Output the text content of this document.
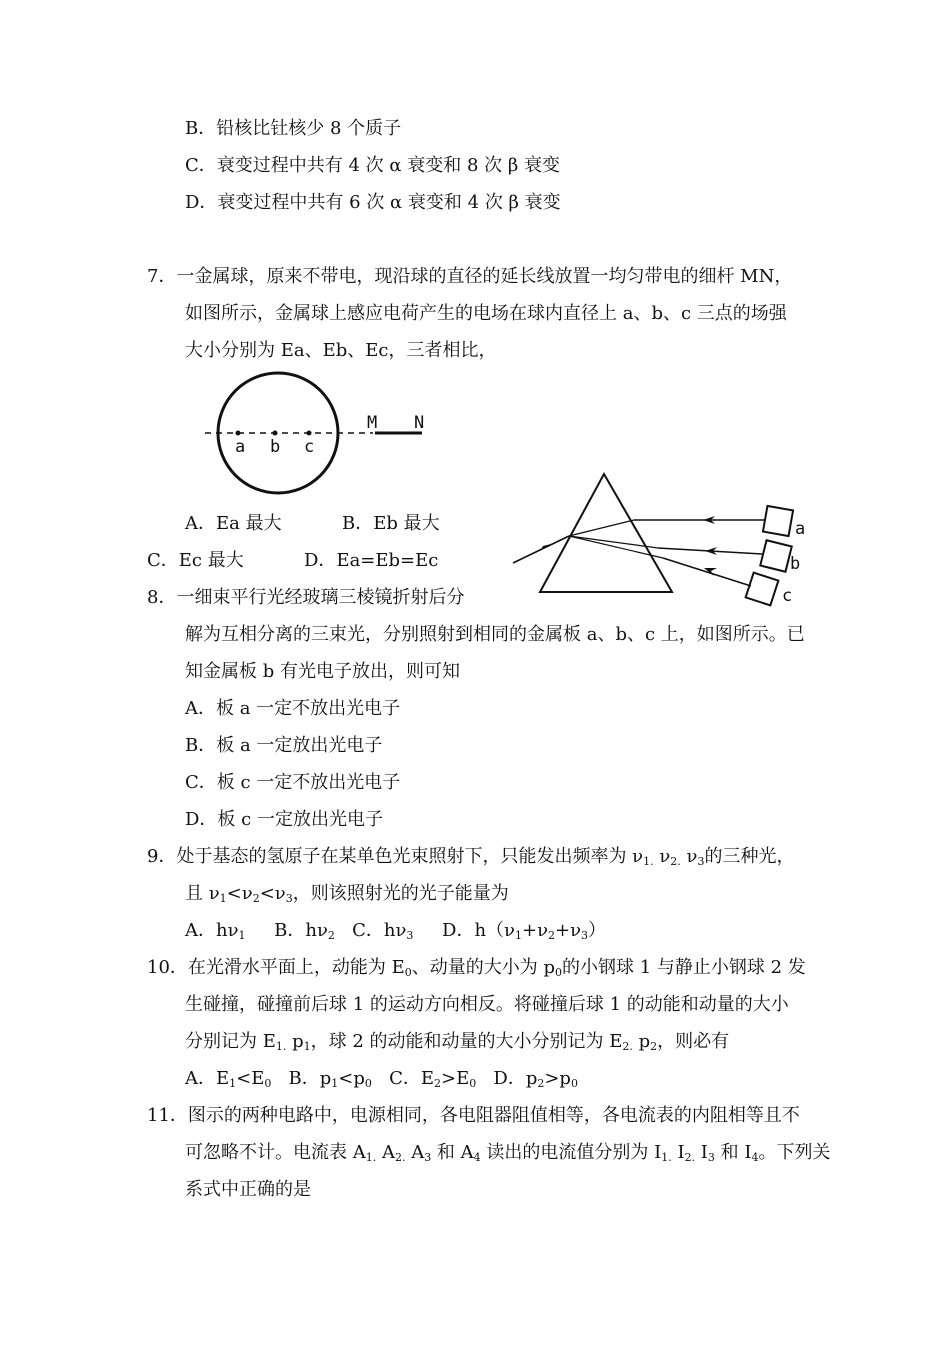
B．铅核比钍核少 8 个质子
C．衰变过程中共有 4 次 α 衰变和 8 次 β 衰变
D．衰变过程中共有 6 次 α 衰变和 4 次 β 衰变
7．一金属球，原来不带电，现沿球的直径的延长线放置一均匀带电的细杆 MN，
如图所示，金属球上感应电荷产生的电场在球内直径上 a、b、c 三点的场强
大小分别为 Ea、Eb、Ec，三者相比，
a b c
M N
A．Ea 最大	B．Eb 最大
C．Ec 最大	D．Ea=Eb=Ec
a
b
c
8．一细束平行光经玻璃三棱镜折射后分
解为互相分离的三束光，分别照射到相同的金属板 a、b、c 上，如图所示。已
知金属板 b 有光电子放出，则可知
A．板 a 一定不放出光电子
B．板 a 一定放出光电子
C．板 c 一定不放出光电子
D．板 c 一定放出光电子
9．处于基态的氢原子在某单色光束照射下，只能发出频率为 $\nu_{1.}$ $\nu_{2.}$ $\nu_3$的三种光，
且 $\nu_1<\nu_2<\nu_3$，则该照射光的光子能量为
A．$h\nu_1$     B．$h\nu_2$   C．$h\nu_3$     D．$h(\nu_1+\nu_2+\nu_3)$
10．在光滑水平面上，动能为 $E_0$、动量的大小为 $p_0$的小钢球 1 与静止小钢球 2 发
生碰撞，碰撞前后球 1 的运动方向相反。将碰撞后球 1 的动能和动量的大小
分别记为 $E_{1.}$ $p_1$，球 2 的动能和动量的大小分别记为 $E_{2.}$ $p_2$，则必有
A．$E_1<E_0$   B．$p_1<p_0$   C．$E_2>E_0$   D．$p_2>p_0$
11．图示的两种电路中，电源相同，各电阻器阻值相等，各电流表的内阻相等且不
可忽略不计。电流表 $A_{1.}$ $A_{2.}$ $A_3$ 和 $A_4$ 读出的电流值分别为 $I_{1.}$ $I_{2.}$ $I_3$ 和 $I_4$。下列关
系式中正确的是
